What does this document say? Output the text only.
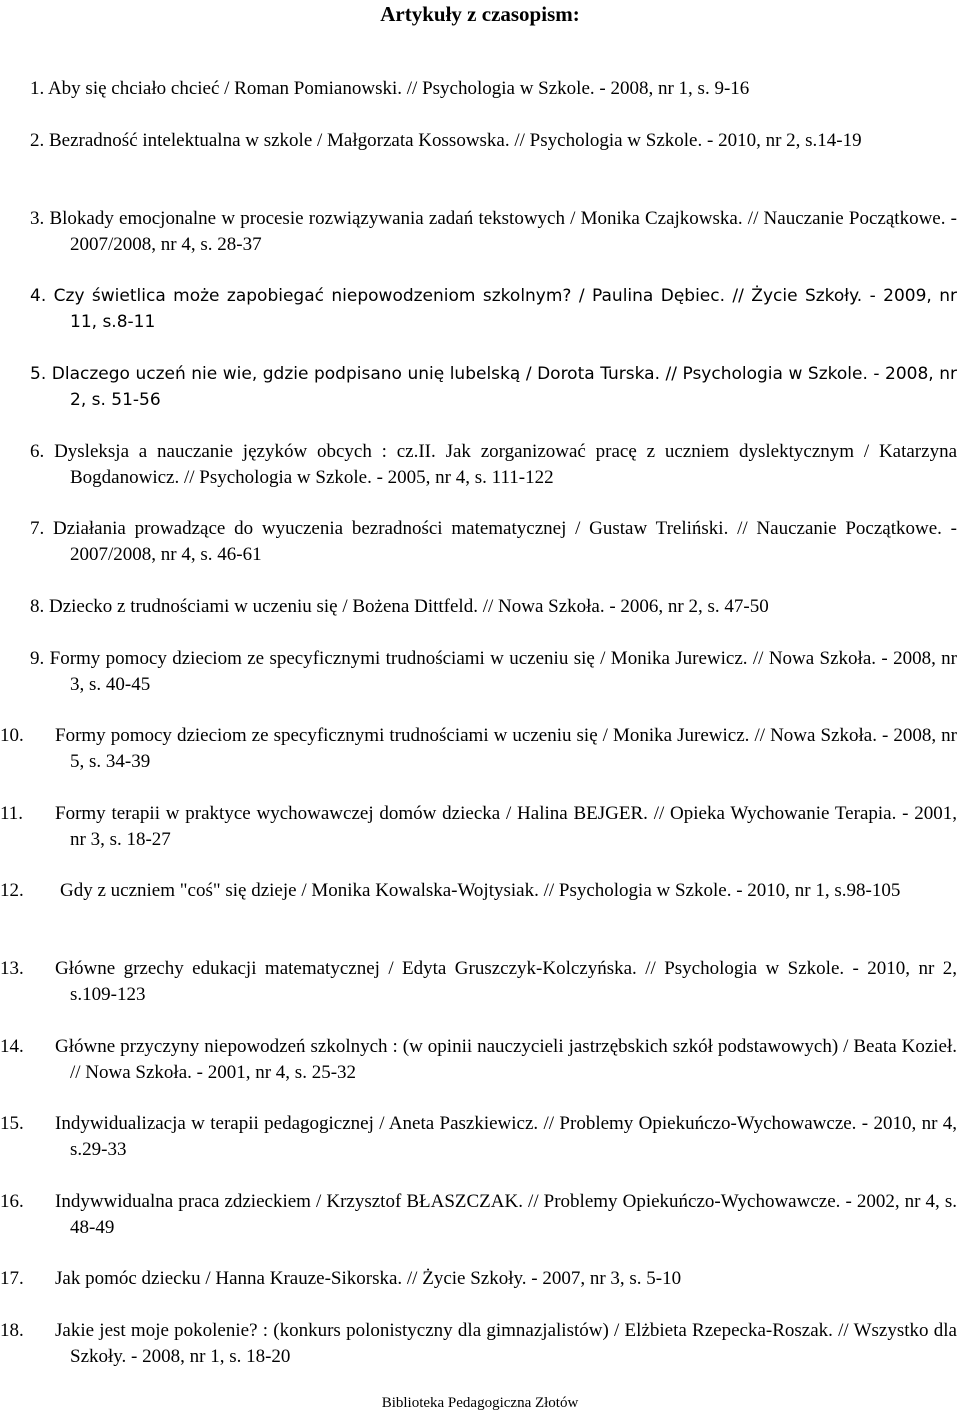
Artykuły z czasopism:
1. Aby się chciało chcieć / Roman Pomianowski. // Psychologia w Szkole. - 2008, nr 1, s. 9-16
2. Bezradność intelektualna w szkole / Małgorzata Kossowska. // Psychologia w Szkole. - 2010, nr 2, s.14-19
3. Blokady emocjonalne w procesie rozwiązywania zadań tekstowych / Monika Czajkowska. // Nauczanie Początkowe. - 2007/2008, nr 4, s. 28-37
4. Czy świetlica może zapobiegać niepowodzeniom szkolnym? / Paulina Dębiec. // Życie Szkoły. - 2009, nr 11, s.8-11
5. Dlaczego uczeń nie wie, gdzie podpisano unię lubelską / Dorota Turska. // Psychologia w Szkole. - 2008, nr 2, s. 51-56
6. Dysleksja a nauczanie języków obcych : cz.II. Jak zorganizować pracę z uczniem dyslektycznym / Katarzyna Bogdanowicz. // Psychologia w Szkole. - 2005, nr 4, s. 111-122
7. Działania prowadzące do wyuczenia bezradności matematycznej / Gustaw Treliński. // Nauczanie Początkowe. - 2007/2008, nr 4, s. 46-61
8. Dziecko z trudnościami w uczeniu się / Bożena Dittfeld. // Nowa Szkoła. - 2006, nr 2, s. 47-50
9. Formy pomocy dzieciom ze specyficznymi trudnościami w uczeniu się / Monika Jurewicz. // Nowa Szkoła. - 2008, nr 3, s. 40-45
10.	Formy pomocy dzieciom ze specyficznymi trudnościami w uczeniu się / Monika Jurewicz. // Nowa Szkoła. - 2008, nr 5, s. 34-39
11.	Formy terapii w praktyce wychowawczej domów dziecka / Halina BEJGER. // Opieka Wychowanie Terapia. - 2001, nr 3, s. 18-27
12.	Gdy z uczniem "coś" się dzieje / Monika Kowalska-Wojtysiak. // Psychologia w Szkole. - 2010, nr 1, s.98-105
13.	Główne grzechy edukacji matematycznej / Edyta Gruszczyk-Kolczyńska. // Psychologia w Szkole. - 2010, nr 2, s.109-123
14.	Główne przyczyny niepowodzeń szkolnych : (w opinii nauczycieli jastrzębskich szkół podstawowych) / Beata Kozieł. // Nowa Szkoła. - 2001, nr 4, s. 25-32
15.	Indywidualizacja w terapii pedagogicznej / Aneta Paszkiewicz. // Problemy Opiekuńczo-Wychowawcze. - 2010, nr 4, s.29-33
16.	Indywwidualna praca zdzieckiem / Krzysztof BŁASZCZAK. // Problemy Opiekuńczo-Wychowawcze. - 2002, nr 4, s. 48-49
17.	Jak pomóc dziecku / Hanna Krauze-Sikorska. // Życie Szkoły. - 2007, nr 3, s. 5-10
18.	Jakie jest moje pokolenie? : (konkurs polonistyczny dla gimnazjalistów) / Elżbieta Rzepecka-Roszak. // Wszystko dla Szkoły. - 2008, nr 1, s. 18-20
Biblioteka Pedagogiczna Złotów
